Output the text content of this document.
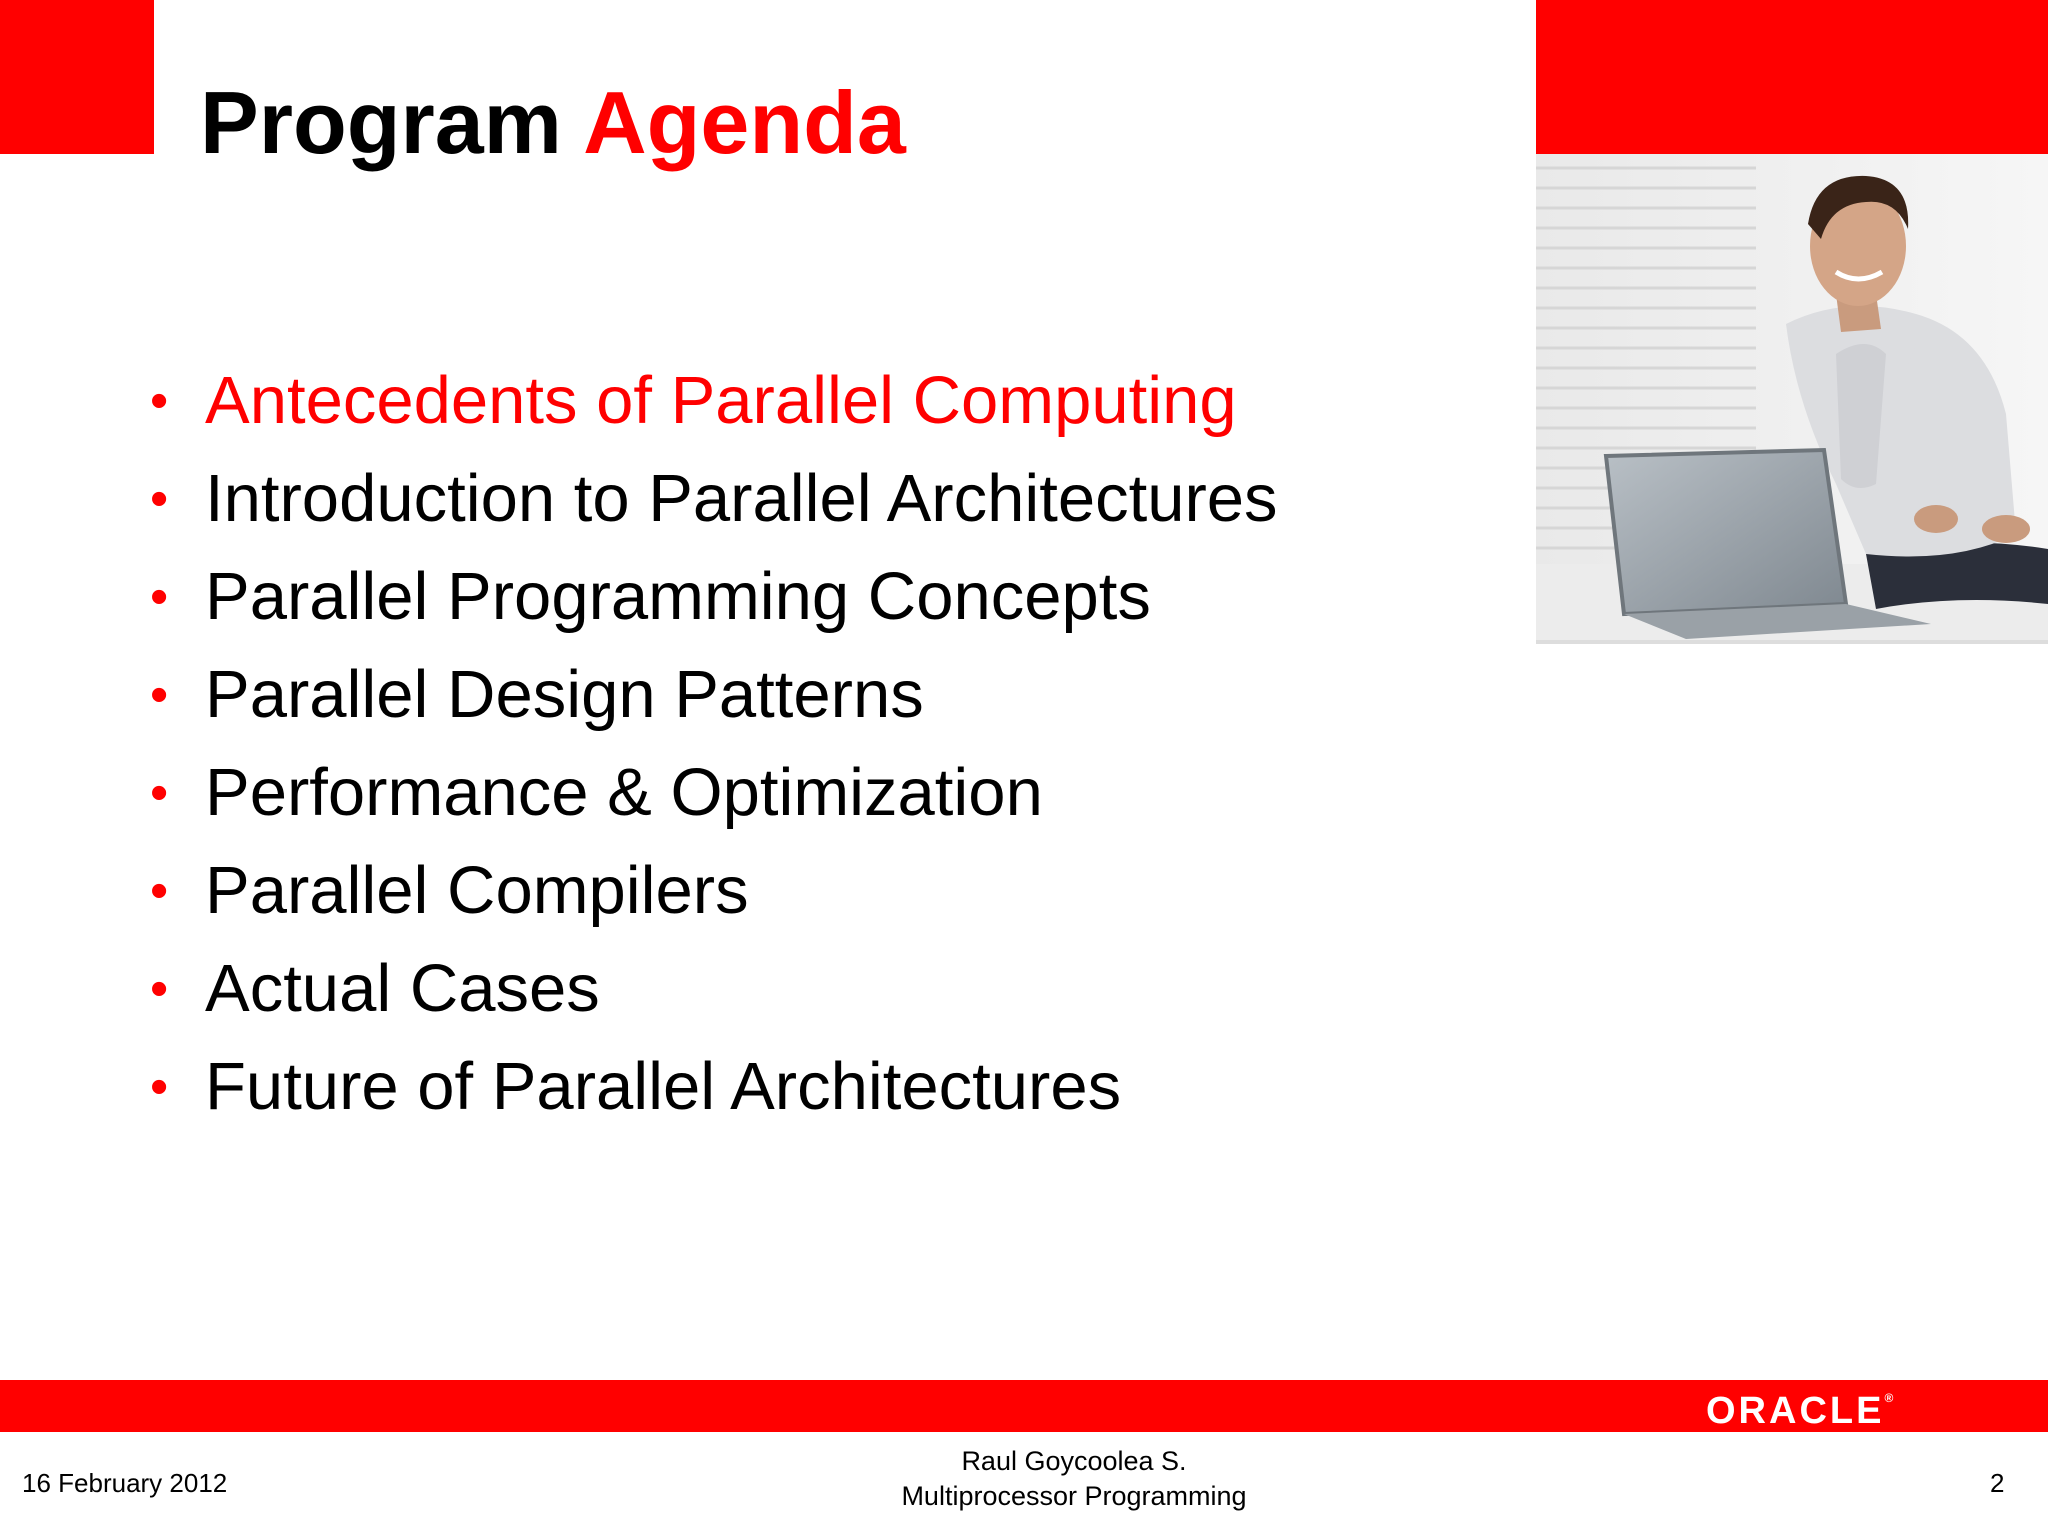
Program Agenda
• Antecedents of Parallel Computing
• Introduction to Parallel Architectures
• Parallel Programming Concepts
• Parallel Design Patterns
• Performance & Optimization
• Parallel Compilers
• Actual Cases
• Future of Parallel Architectures
ORACLE®
16 February 2012
Raul Goycoolea S.
Multiprocessor Programming	2
